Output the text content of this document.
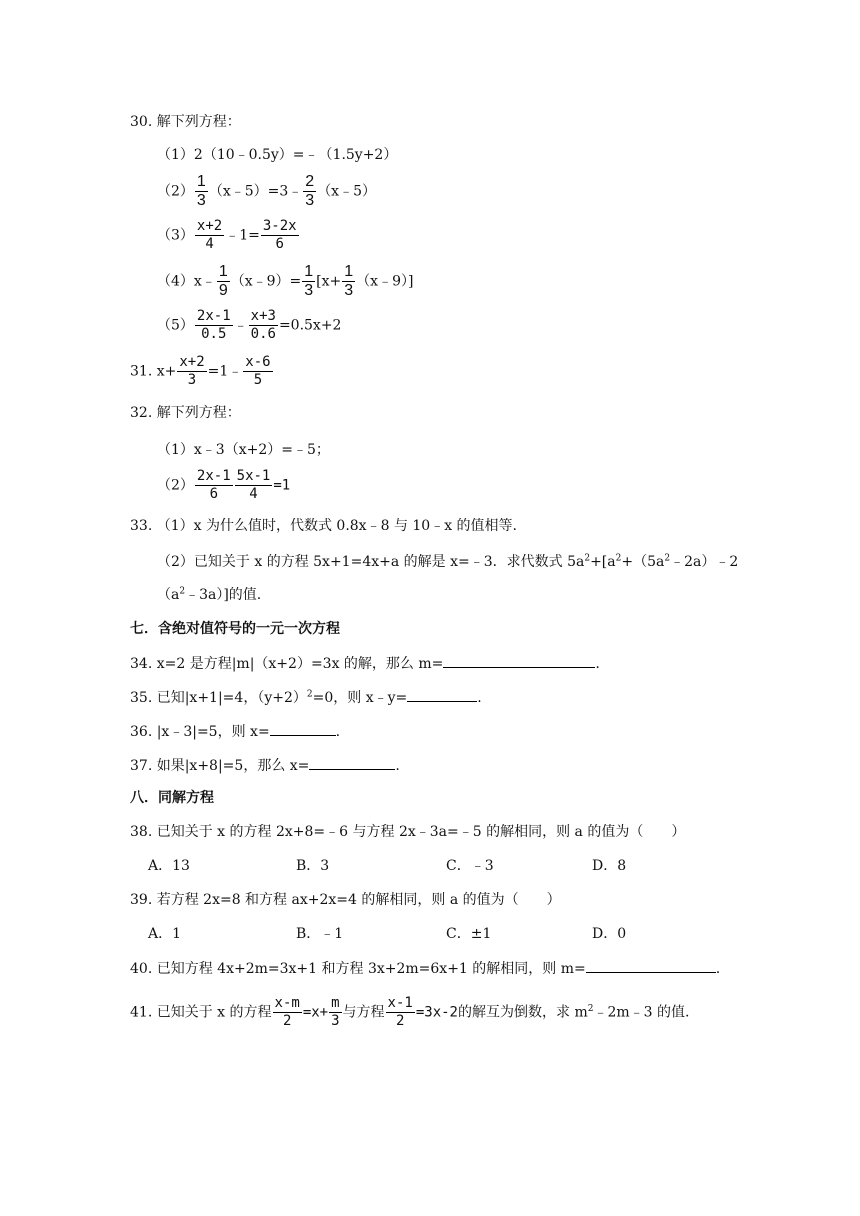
30. 解下列方程：
（1）2（10﹣0.5y）=﹣（1.5y+2）
$(2) \frac{1}{3}$ （x﹣5）=3﹣ $\frac{2}{3}$ （x﹣5）
$(3) \frac{x+2}{4}$ ﹣1= $\frac{3-2x}{6}$
（4）x﹣ $\frac{1}{9}$ （x﹣9）= $\frac{1}{3} [x+ \frac{1}{3}$ （x﹣9）]
$(5) \frac{2x-1}{0.5}$ ﹣ $\frac{x+3}{0.6} =0.5x+2$
31. $x+ \frac{x+2}{3}$ =1﹣ $\frac{x-6}{5}$
32. 解下列方程：
（1）x﹣3（x+2）=﹣5；
$(2) \frac{2x-1}{6} \frac{5x-1}{4} =1$
33. （1）x 为什么值时，代数式 0.8x﹣8 与 10﹣x 的值相等.
（2）已知关于 x 的方程 5x+1=4x+a 的解是 x=﹣3．求代数式 $5a^2+[a^2+(5a^2﹣2a)﹣2$
$(a^2﹣3a)$]的值.
七．含绝对值符号的一元一次方程
34. x=2 是方程|m|（x+2）=3x 的解，那么 m=	.
35. 已知|x+1|=4，$(y+2)^2=0$，则 x﹣y=	.
36. |x﹣3|=5，则 x=	.
37. 如果|x+8|=5，那么 x=	.
八．同解方程
38. 已知关于 x 的方程 2x+8=﹣6 与方程 2x﹣3a=﹣5 的解相同，则 a 的值为（　　）
A．13	B．3	C．﹣3	D．8
39. 若方程 2x=8 和方程 ax+2x=4 的解相同，则 a 的值为（　　）
A．1	B．﹣1	C．±1	D．0
40. 已知方程 4x+2m=3x+1 和方程 3x+2m=6x+1 的解相同，则 m=	.
41. 已知关于 x 的方程 $\frac{x-m}{2} =x+ \frac{m}{3}$ 与方程 $\frac{x-1}{2} =3x-2$的解互为倒数，求 $m^2﹣2m﹣3$ 的值.
